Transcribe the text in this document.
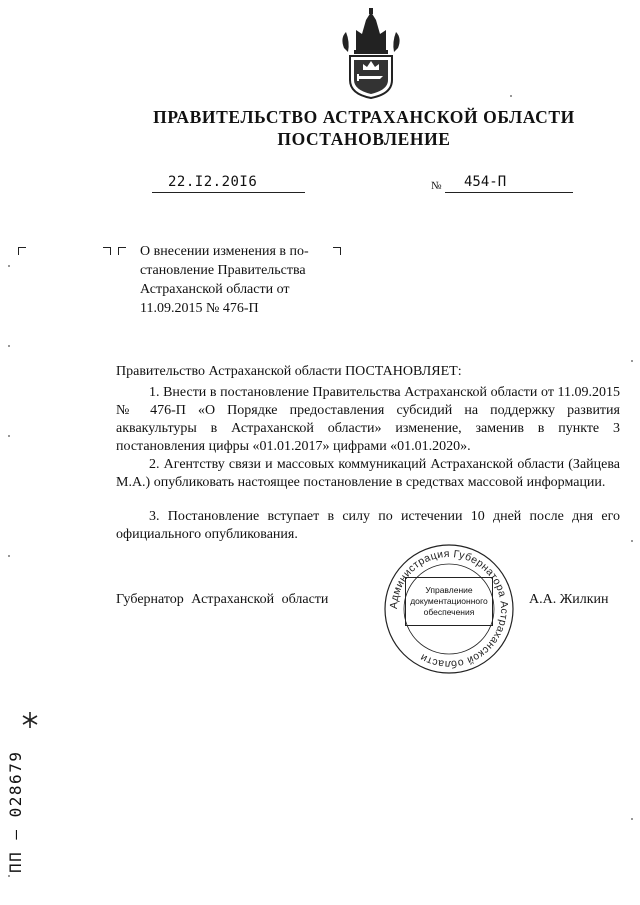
ПРАВИТЕЛЬСТВО АСТРАХАНСКОЙ ОБЛАСТИ
ПОСТАНОВЛЕНИЕ
22.I2.20I6	№ 454-П
О внесении изменения в по-
становление Правительства
Астраханской области от
11.09.2015 № 476-П
Правительство Астраханской области ПОСТАНОВЛЯЕТ:

1. Внести в постановление Правительства Астраханской области от 11.09.2015 № 476-П «О Порядке предоставления субсидий на поддержку развития аквакультуры в Астраханской области» изменение, заменив в пункте 3 постановления цифры «01.01.2017» цифрами «01.01.2020».

2. Агентству связи и массовых коммуникаций Астраханской области (Зайцева М.А.) опубликовать настоящее постановление в средствах массовой информации.

3. Постановление вступает в силу по истечении 10 дней после дня его официального опубликования.

Губернатор Астраханской области	А.А. Жилкин
Администрация Губернатора Астраханской области
Управление
документационного
обеспечения
ПП – 028679
